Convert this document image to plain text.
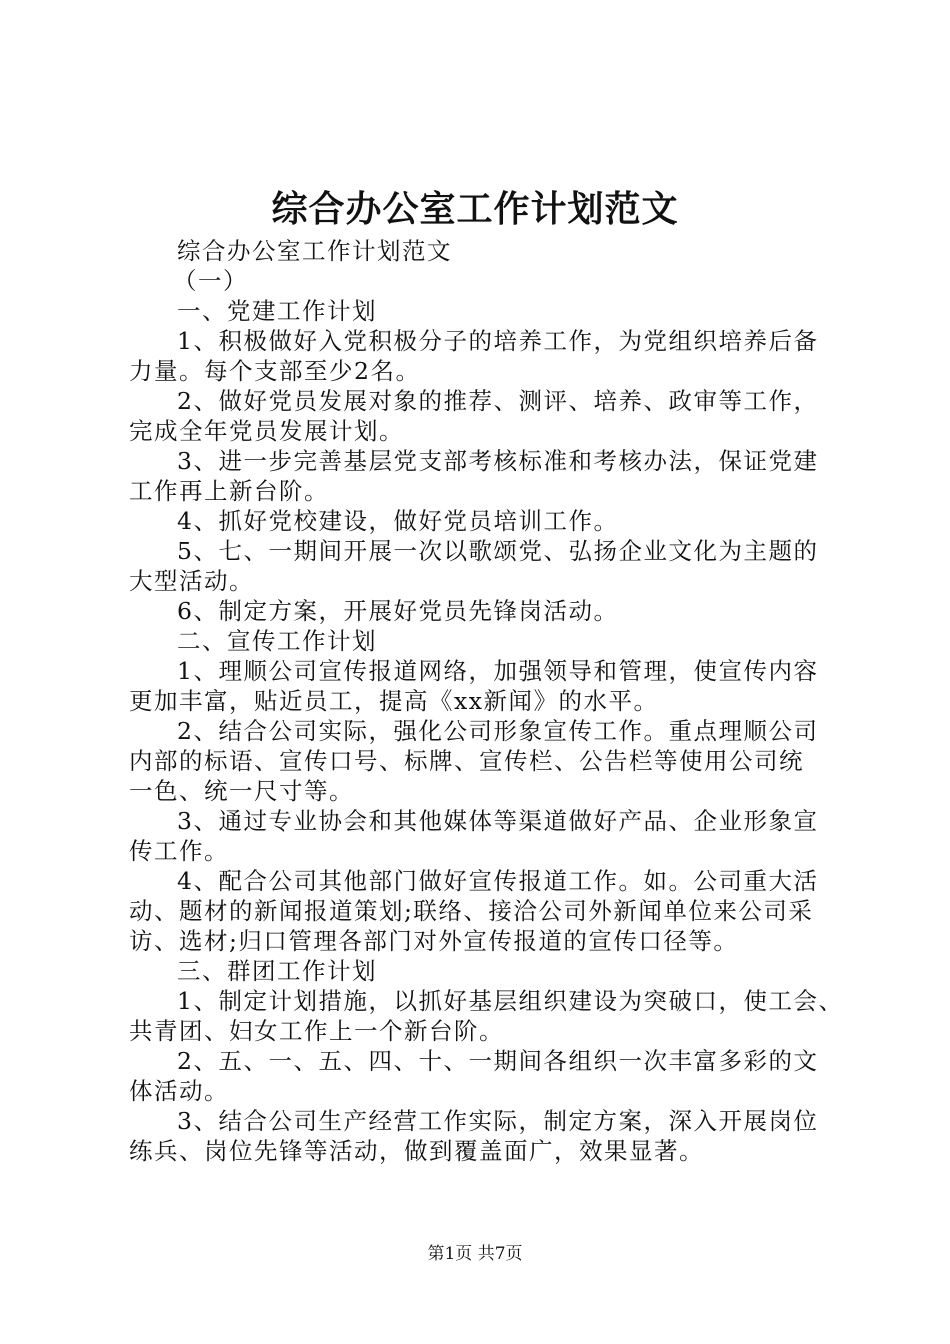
综合办公室工作计划范文
综合办公室工作计划范文
（一）
一、党建工作计划
1、积极做好入党积极分子的培养工作，为党组织培养后备
力量。每个支部至少2名。
2、做好党员发展对象的推荐、测评、培养、政审等工作，
完成全年党员发展计划。
3、进一步完善基层党支部考核标准和考核办法，保证党建
工作再上新台阶。
4、抓好党校建设，做好党员培训工作。
5、七、一期间开展一次以歌颂党、弘扬企业文化为主题的
大型活动。
6、制定方案，开展好党员先锋岗活动。
二、宣传工作计划
1、理顺公司宣传报道网络，加强领导和管理，使宣传内容
更加丰富，贴近员工，提高《xx新闻》的水平。
2、结合公司实际，强化公司形象宣传工作。重点理顺公司
内部的标语、宣传口号、标牌、宣传栏、公告栏等使用公司统
一色、统一尺寸等。
3、通过专业协会和其他媒体等渠道做好产品、企业形象宣
传工作。
4、配合公司其他部门做好宣传报道工作。如。公司重大活
动、题材的新闻报道策划;联络、接洽公司外新闻单位来公司采
访、选材;归口管理各部门对外宣传报道的宣传口径等。
三、群团工作计划
1、制定计划措施，以抓好基层组织建设为突破口，使工会、
共青团、妇女工作上一个新台阶。
2、五、一、五、四、十、一期间各组织一次丰富多彩的文
体活动。
3、结合公司生产经营工作实际，制定方案，深入开展岗位
练兵、岗位先锋等活动，做到覆盖面广，效果显著。
第1页 共7页
